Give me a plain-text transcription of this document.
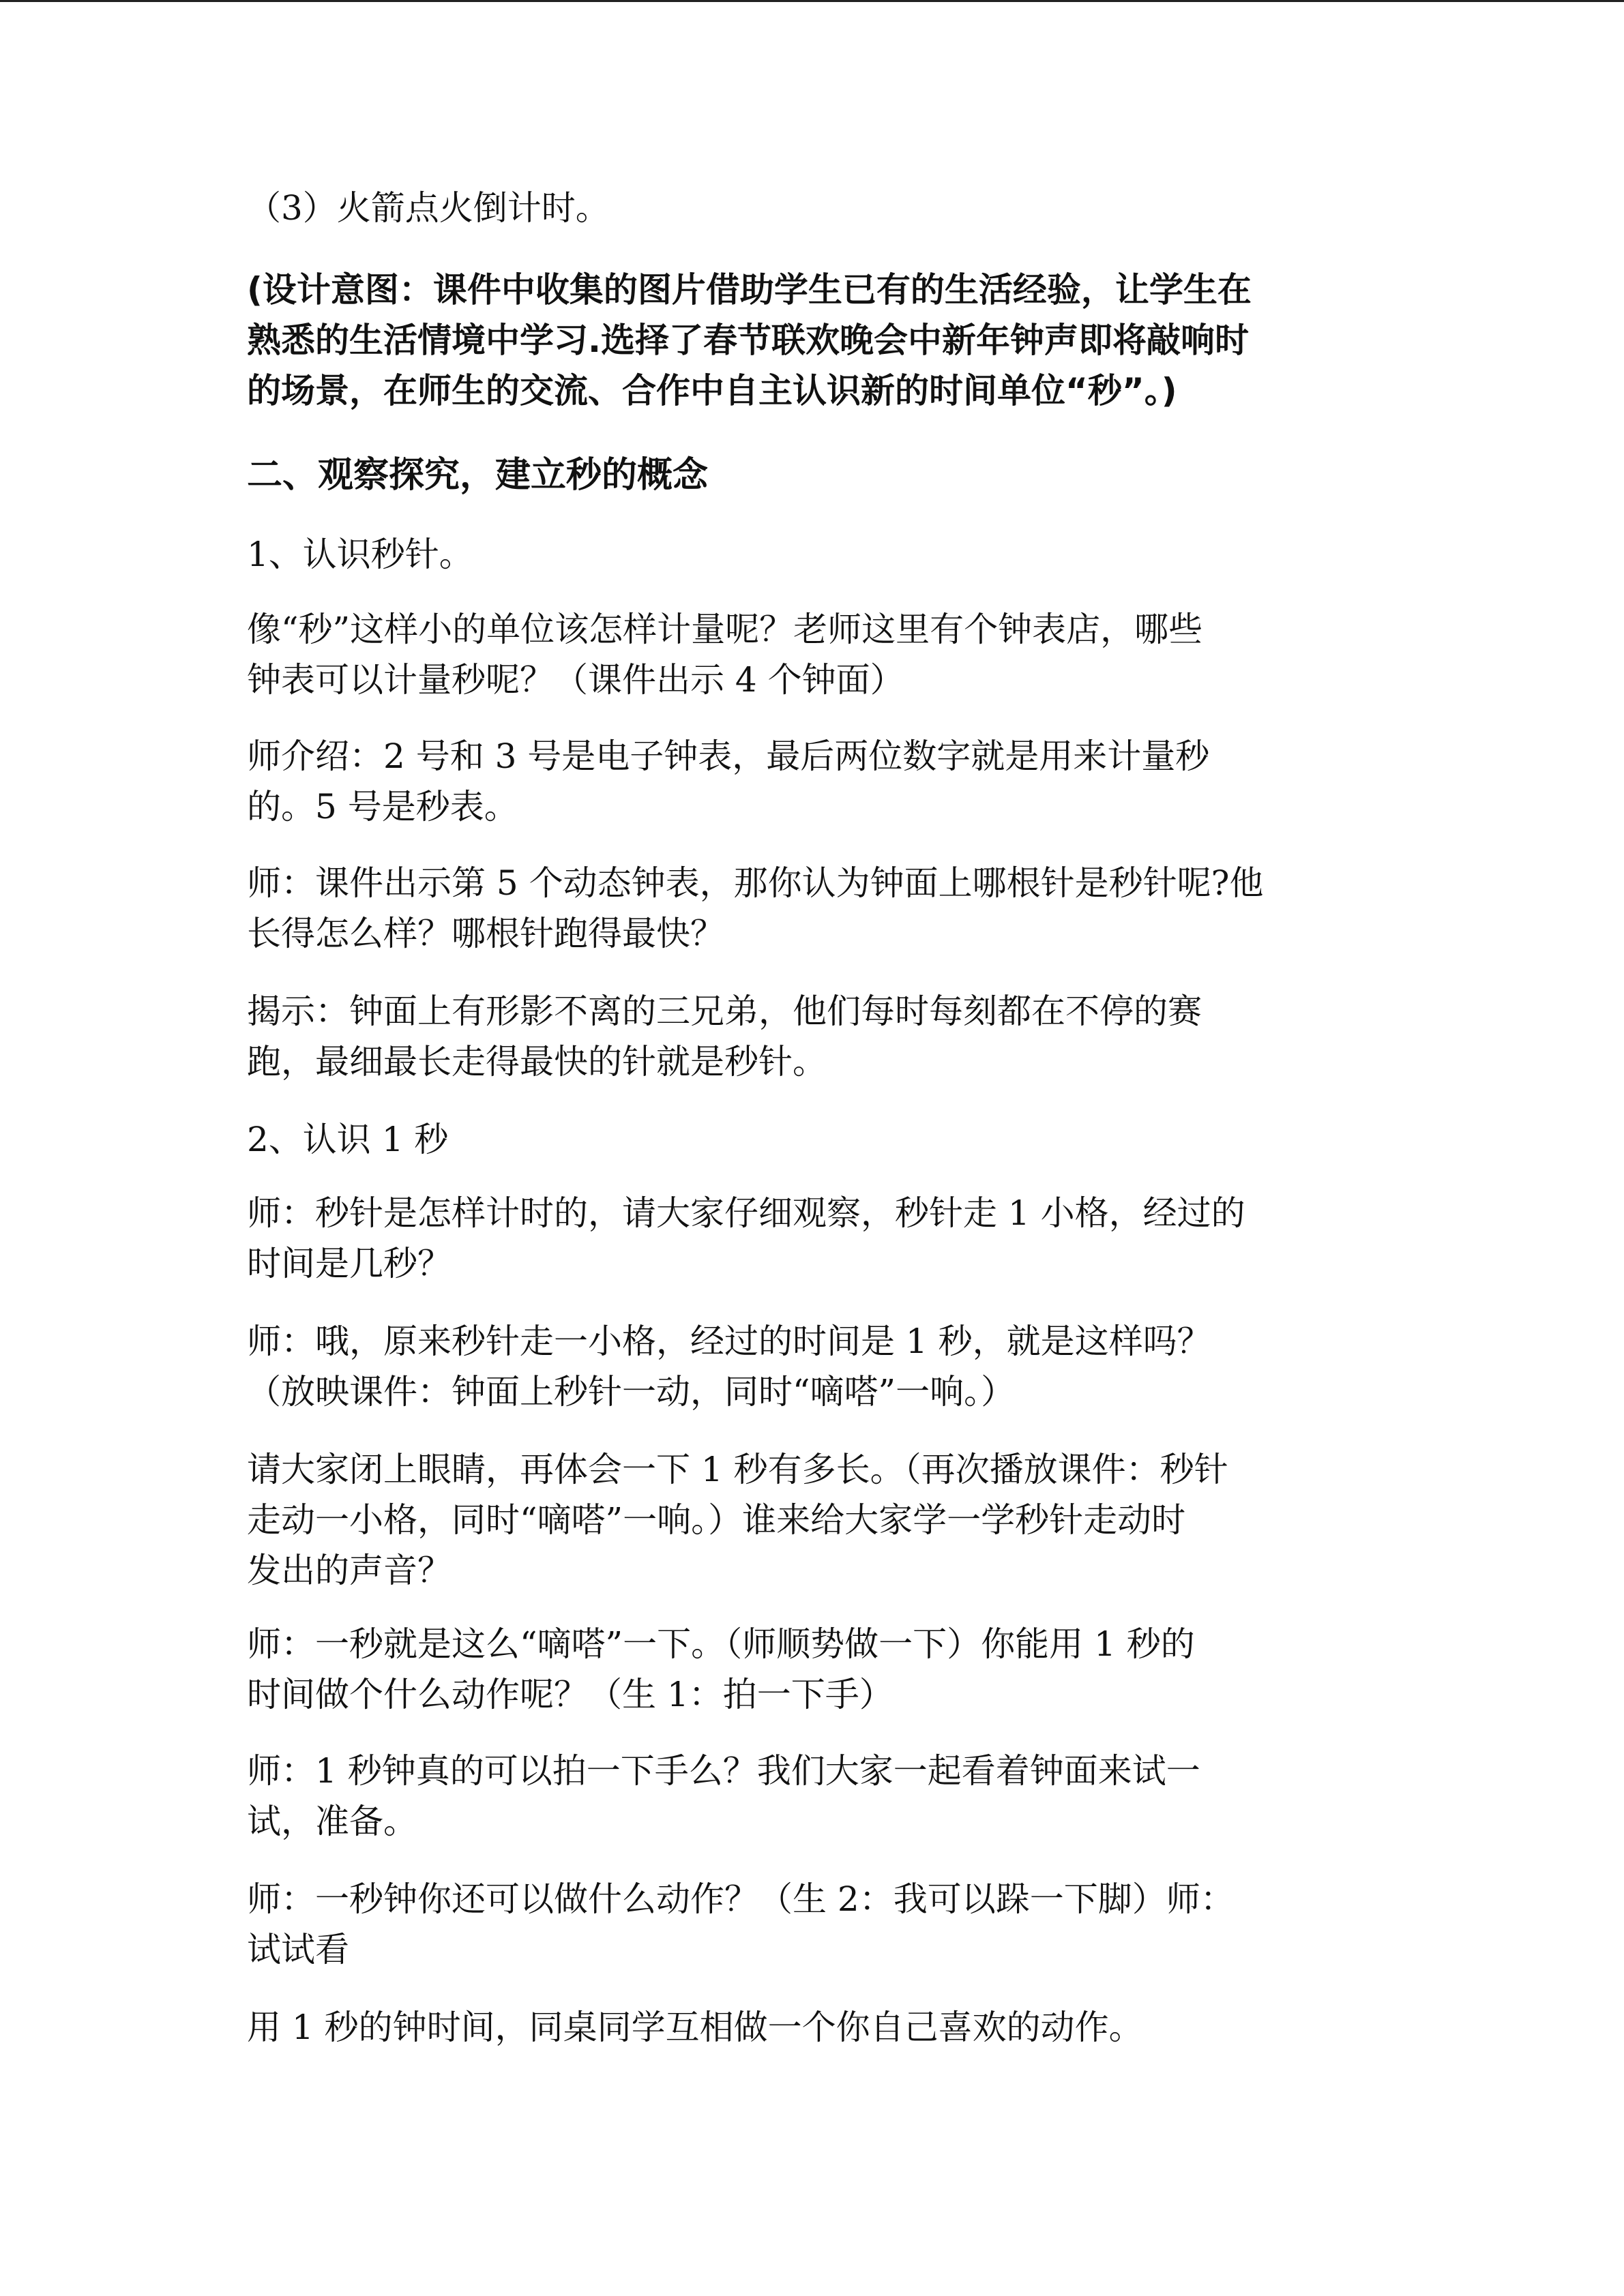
（3）火箭点火倒计时。

(设计意图：课件中收集的图片借助学生已有的生活经验，让学生在
熟悉的生活情境中学习.选择了春节联欢晚会中新年钟声即将敲响时
的场景，在师生的交流、合作中自主认识新的时间单位“秒”。)

二、观察探究，建立秒的概念

1、认识秒针。

像“秒”这样小的单位该怎样计量呢？老师这里有个钟表店，哪些
钟表可以计量秒呢？（课件出示 4 个钟面）

师介绍：2 号和 3 号是电子钟表，最后两位数字就是用来计量秒
的。5 号是秒表。

师：课件出示第 5 个动态钟表，那你认为钟面上哪根针是秒针呢?他
长得怎么样？哪根针跑得最快？

揭示：钟面上有形影不离的三兄弟，他们每时每刻都在不停的赛
跑，最细最长走得最快的针就是秒针。

2、认识 1 秒

师：秒针是怎样计时的，请大家仔细观察，秒针走 1 小格，经过的
时间是几秒？

师：哦，原来秒针走一小格，经过的时间是 1 秒，就是这样吗？
（放映课件：钟面上秒针一动，同时“嘀嗒”一响。）

请大家闭上眼睛，再体会一下 1 秒有多长。（再次播放课件：秒针
走动一小格，同时“嘀嗒”一响。）谁来给大家学一学秒针走动时
发出的声音？

师：一秒就是这么“嘀嗒”一下。（师顺势做一下）你能用 1 秒的
时间做个什么动作呢？（生 1：拍一下手）

师：1 秒钟真的可以拍一下手么？我们大家一起看着钟面来试一
试，准备。

师：一秒钟你还可以做什么动作？（生 2：我可以跺一下脚）师：
试试看

用 1 秒的钟时间，同桌同学互相做一个你自己喜欢的动作。
